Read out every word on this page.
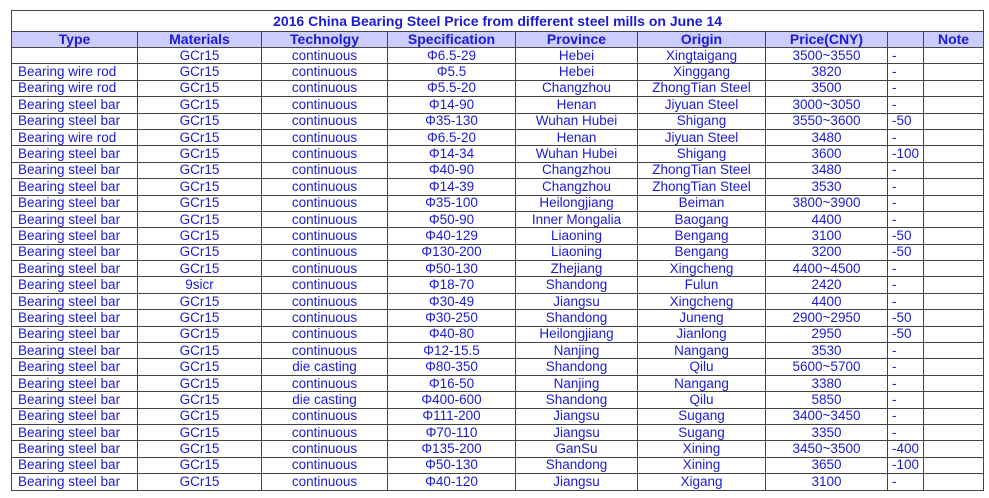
2016 China Bearing Steel Price from different steel mills on June 14								
Type	Materials	Technolgy	Specification	Province	Origin	Price(CNY)		Note
	GCr15	continuous	Φ6.5-29	Hebei	Xingtaigang	3500~3550	-	
Bearing wire rod	GCr15	continuous	Φ5.5	Hebei	Xinggang	3820	-	
Bearing wire rod	GCr15	continuous	Φ5.5-20	Changzhou	ZhongTian Steel	3500	-	
Bearing steel bar	GCr15	continuous	Φ14-90	Henan	Jiyuan Steel	3000~3050	-	
Bearing steel bar	GCr15	continuous	Φ35-130	Wuhan Hubei	Shigang	3550~3600	-50	
Bearing wire rod	GCr15	continuous	Φ6.5-20	Henan	Jiyuan Steel	3480	-	
Bearing steel bar	GCr15	continuous	Φ14-34	Wuhan Hubei	Shigang	3600	-100	
Bearing steel bar	GCr15	continuous	Φ40-90	Changzhou	ZhongTian Steel	3480	-	
Bearing steel bar	GCr15	continuous	Φ14-39	Changzhou	ZhongTian Steel	3530	-	
Bearing steel bar	GCr15	continuous	Φ35-100	Heilongjiang	Beiman	3800~3900	-	
Bearing steel bar	GCr15	continuous	Φ50-90	Inner Mongalia	Baogang	4400	-	
Bearing steel bar	GCr15	continuous	Φ40-129	Liaoning	Bengang	3100	-50	
Bearing steel bar	GCr15	continuous	Φ130-200	Liaoning	Bengang	3200	-50	
Bearing steel bar	GCr15	continuous	Φ50-130	Zhejiang	Xingcheng	4400~4500	-	
Bearing steel bar	9sicr	continuous	Φ18-70	Shandong	Fulun	2420	-	
Bearing steel bar	GCr15	continuous	Φ30-49	Jiangsu	Xingcheng	4400	-	
Bearing steel bar	GCr15	continuous	Φ30-250	Shandong	Juneng	2900~2950	-50	
Bearing steel bar	GCr15	continuous	Φ40-80	Heilongjiang	Jianlong	2950	-50	
Bearing steel bar	GCr15	continuous	Φ12-15.5	Nanjing	Nangang	3530	-	
Bearing steel bar	GCr15	die casting	Φ80-350	Shandong	Qilu	5600~5700	-	
Bearing steel bar	GCr15	continuous	Φ16-50	Nanjing	Nangang	3380	-	
Bearing steel bar	GCr15	die casting	Φ400-600	Shandong	Qilu	5850	-	
Bearing steel bar	GCr15	continuous	Φ111-200	Jiangsu	Sugang	3400~3450	-	
Bearing steel bar	GCr15	continuous	Φ70-110	Jiangsu	Sugang	3350	-	
Bearing steel bar	GCr15	continuous	Φ135-200	GanSu	Xining	3450~3500	-400	
Bearing steel bar	GCr15	continuous	Φ50-130	Shandong	Xining	3650	-100	
Bearing steel bar	GCr15	continuous	Φ40-120	Jiangsu	Xigang	3100	-	
